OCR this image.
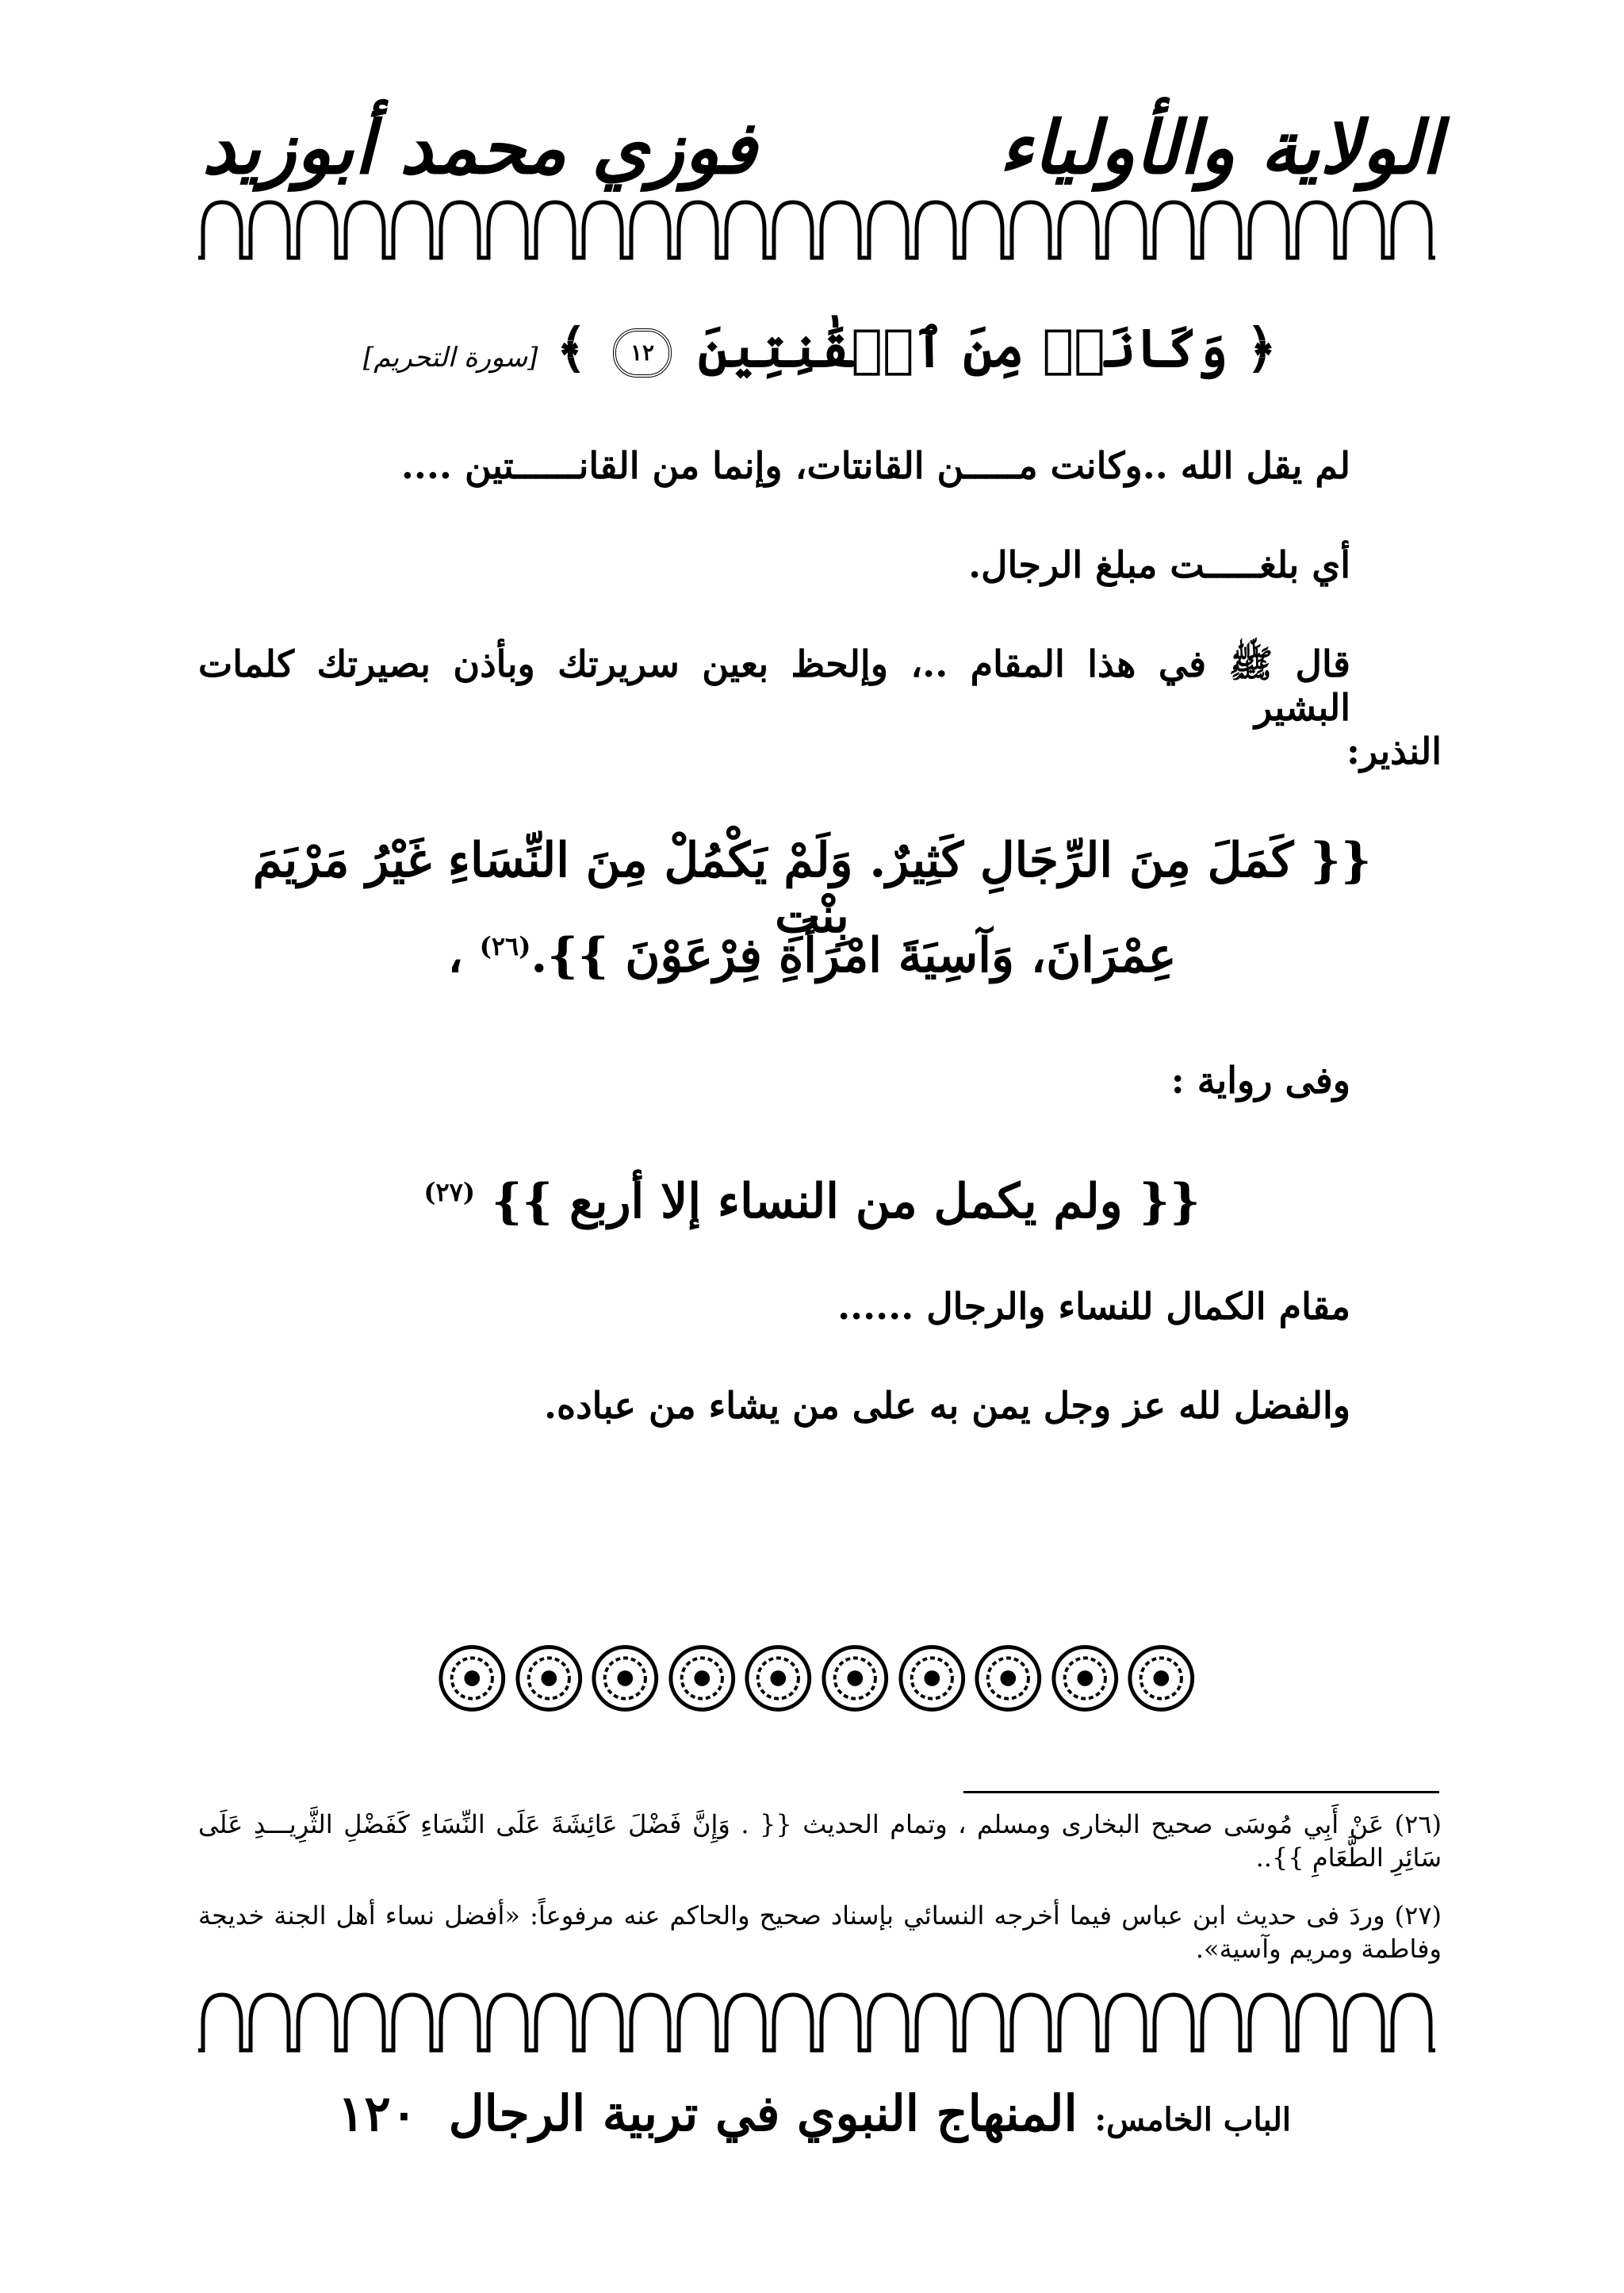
الولاية والأولياء
فوزي محمد أبوزيد
﴿ وَكَانَتۡ مِنَ ٱلۡقَٰنِتِينَ ١٢ ﴾ [سورة التحريم]
لم يقل الله ..وكانت مـــــن القانتات، وإنما من القانــــــتين ....
أي بلغـــــت مبلغ الرجال.
قال ﷺ في هذا المقام ..، وإلحظ بعين سريرتك وبأذن بصيرتك كلمات البشير
النذير:
{{ كَمَلَ مِنَ الرِّجَالِ كَثِيرٌ. وَلَمْ يَكْمُلْ مِنَ النِّسَاءِ غَيْرُ مَرْيَمَ بِنْتِ
عِمْرَانَ، وَآسِيَةَ امْرَأَةِ فِرْعَوْنَ }}.$^{(٢٦)}$ ،
وفى رواية :
{{ ولم يكمل من النساء إلا أربع }} $^{(٢٧)}$
مقام الكمال للنساء والرجال ......
والفضل لله عز وجل يمن به على من يشاء من عباده.
(٢٦) عَنْ أَبِي مُوسَى صحيح البخارى ومسلم ، وتمام الحديث {{ . وَإِنَّ فَضْلَ عَائِشَةَ عَلَى النِّسَاءِ كَفَضْلِ الثَّرِيـــدِ عَلَى سَائِرِ الطَّعَامِ }}..
(٢٧) وردَ فى حديث ابن عباس فيما أخرجه النسائي بإسناد صحيح والحاكم عنه مرفوعاً: «أفضل نساء أهل الجنة خديجة وفاطمة ومريم وآسية».
الباب الخامس: المنهاج النبوي في تربية الرجال ١٢٠
